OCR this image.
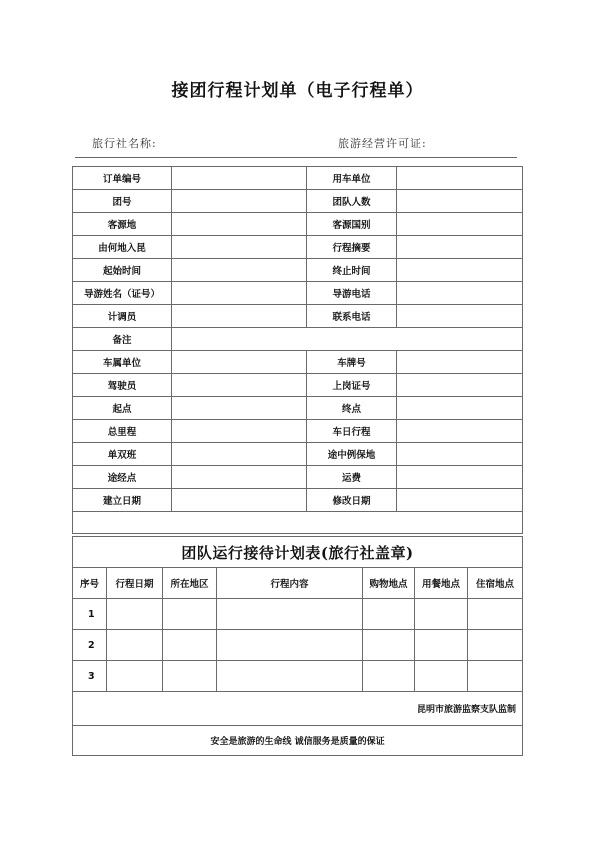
接团行程计划单（电子行程单）
旅行社名称:	旅游经营许可证:
订单编号		用车单位	
团号		团队人数	
客源地		客源国别	
由何地入昆		行程摘要	
起始时间		终止时间	
导游姓名（证号）		导游电话	
计调员		联系电话	
备注			
车属单位		车牌号	
驾驶员		上岗证号	
起点		终点	
总里程		车日行程	
单双班		途中例保地	
途经点		运费	
建立日期		修改日期	

团队运行接待计划表(旅行社盖章)						
序号	行程日期	所在地区	行程内容	购物地点	用餐地点	住宿地点
1						
2						
3						
昆明市旅游监察支队监制						
安全是旅游的生命线 诚信服务是质量的保证						
